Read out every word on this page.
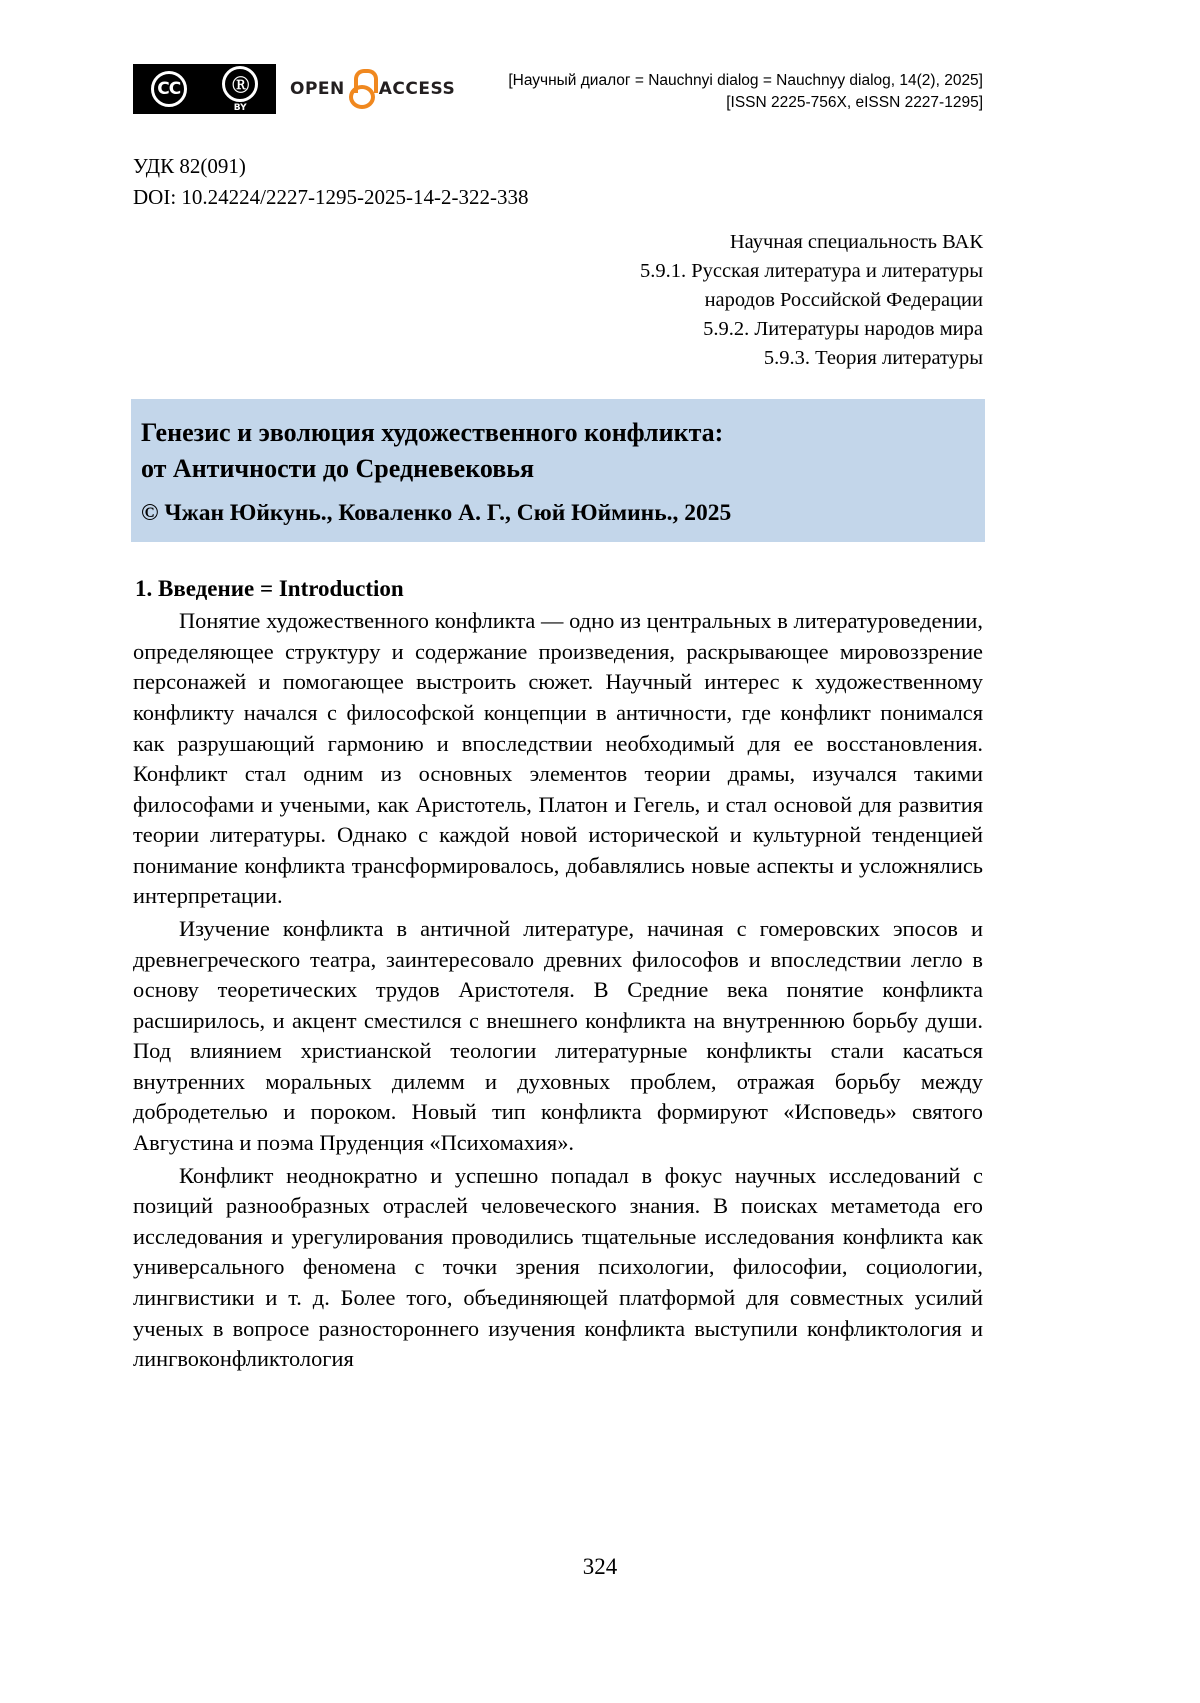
CC	Ⓡ
BY
OPEN ACCESS	[Научный диалог = Nauchnyi dialog = Nauchnyy dialog, 14(2), 2025]
[ISSN 2225-756X, eISSN 2227-1295]
УДК 82(091)
DOI: 10.24224/2227-1295-2025-14-2-322-338
Научная специальность ВАК
5.9.1. Русская литература и литературы
народов Российской Федерации
5.9.2. Литературы народов мира
5.9.3. Теория литературы
Генезис и эволюция художественного конфликта:
от Античности до Средневековья
© Чжан Юйкунь., Коваленко А. Г., Сюй Юйминь., 2025
1. Введение = Introduction

Понятие художественного конфликта — одно из центральных в литературоведении, определяющее структуру и содержание произведения, раскрывающее мировоззрение персонажей и помогающее выстроить сюжет. Научный интерес к художественному конфликту начался с философской концепции в античности, где конфликт понимался как разрушающий гармонию и впоследствии необходимый для ее восстановления. Конфликт стал одним из основных элементов теории драмы, изучался такими философами и учеными, как Аристотель, Платон и Гегель, и стал основой для развития теории литературы. Однако с каждой новой исторической и культурной тенденцией понимание конфликта трансформировалось, добавлялись новые аспекты и усложнялись интерпретации.

Изучение конфликта в античной литературе, начиная с гомеровских эпосов и древнегреческого театра, заинтересовало древних философов и впоследствии легло в основу теоретических трудов Аристотеля. В Средние века понятие конфликта расширилось, и акцент сместился с внешнего конфликта на внутреннюю борьбу души. Под влиянием христианской теологии литературные конфликты стали касаться внутренних моральных дилемм и духовных проблем, отражая борьбу между добродетелью и пороком. Новый тип конфликта формируют «Исповедь» святого Августина и поэма Пруденция «Психомахия».

Конфликт неоднократно и успешно попадал в фокус научных исследований с позиций разнообразных отраслей человеческого знания. В поисках метаметода его исследования и урегулирования проводились тщательные исследования конфликта как универсального феномена с точки зрения психологии, философии, социологии, лингвистики и т. д. Более того, объединяющей платформой для совместных усилий ученых в вопросе разностороннего изучения конфликта выступили конфликтология и лингвоконфликтология

324
